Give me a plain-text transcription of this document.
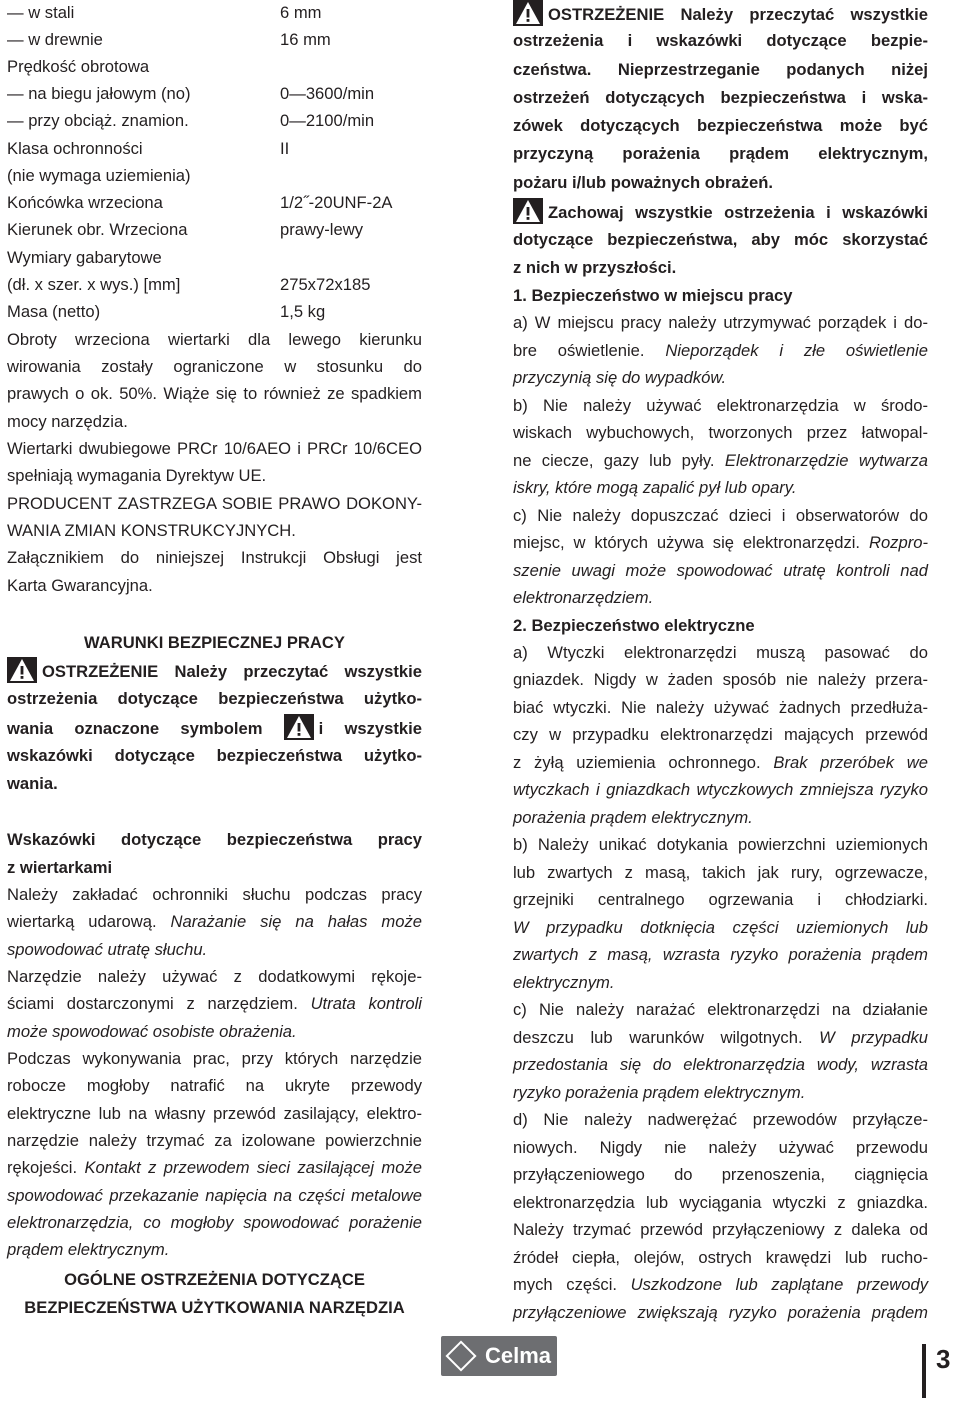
— w stali	6 mm
— w drewnie	16 mm
Prędkość obrotowa
— na biegu jałowym (no)	0—3600/min
— przy obciąż. znamion.	0—2100/min
Klasa ochronności	II
(nie wymaga uziemienia)
Końcówka wrzeciona	1/2˝-20UNF-2A
Kierunek obr. Wrzeciona	prawy-lewy
Wymiary gabarytowe
(dł. x szer. x wys.) [mm]	275x72x185
Masa (netto)	1,5 kg
Obroty wrzeciona wiertarki dla lewego kierunku
wirowania zostały ograniczone w stosunku do
prawych o ok. 50%. Wiąże się to również ze spadkiem
mocy narzędzia.
Wiertarki dwubiegowe PRCr 10/6AEO i PRCr 10/6CEO
spełniają wymagania Dyrektyw UE.
PRODUCENT ZASTRZEGA SOBIE PRAWO DOKONY-
WANIA ZMIAN KONSTRUKCYJNYCH.
Załącznikiem do niniejszej Instrukcji Obsługi jest
Karta Gwarancyjna.
WARUNKI BEZPIECZNEJ PRACY
OSTRZEŻENIE Należy przeczytać wszystkie
ostrzeżenia dotyczące bezpieczeństwa użytko-
wania oznaczone symbolem	i wszystkie
wskazówki dotyczące bezpieczeństwa użytko-
wania.
Wskazówki dotyczące bezpieczeństwa pracy
z wiertarkami
Należy zakładać ochronniki słuchu podczas pracy
wiertarką udarową. Narażanie się na hałas może
spowodować utratę słuchu.
Narzędzie należy używać z dodatkowymi rękoje-
ściami dostarczonymi z narzędziem. Utrata kontroli
może spowodować osobiste obrażenia.
Podczas wykonywania prac, przy których narzędzie
robocze mogłoby natrafić na ukryte przewody
elektryczne lub na własny przewód zasilający, elektro-
narzędzie należy trzymać za izolowane powierzchnie
rękojeści. Kontakt z przewodem sieci zasilającej może
spowodować przekazanie napięcia na części metalowe
elektronarzędzia, co mogłoby spowodować porażenie
prądem elektrycznym.
OGÓLNE OSTRZEŻENIA DOTYCZĄCE
BEZPIECZEŃSTWA UŻYTKOWANIA NARZĘDZIA
OSTRZEŻENIE Należy przeczytać wszystkie
ostrzeżenia i wskazówki dotyczące bezpie-
czeństwa. Nieprzestrzeganie podanych niżej
ostrzeżeń dotyczących bezpieczeństwa i wska-
zówek dotyczących bezpieczeństwa może być
przyczyną porażenia prądem elektrycznym,
pożaru i/lub poważnych obrażeń.
Zachowaj wszystkie ostrzeżenia i wskazówki
dotyczące bezpieczeństwa, aby móc skorzystać
z nich w przyszłości.
1. Bezpieczeństwo w miejscu pracy
a) W miejscu pracy należy utrzymywać porządek i do-
bre oświetlenie. Nieporządek i złe oświetlenie
przyczynią się do wypadków.
b) Nie należy używać elektronarzędzia w środo-
wiskach wybuchowych, tworzonych przez łatwopal-
ne ciecze, gazy lub pyły. Elektronarzędzie wytwarza
iskry, które mogą zapalić pył lub opary.
c) Nie należy dopuszczać dzieci i obserwatorów do
miejsc, w których używa się elektronarzędzi. Rozpro-
szenie uwagi może spowodować utratę kontroli nad
elektronarzędziem.
2. Bezpieczeństwo elektryczne
a) Wtyczki elektronarzędzi muszą pasować do
gniazdek. Nigdy w żaden sposób nie należy przera-
biać wtyczki. Nie należy używać żadnych przedłuża-
czy w przypadku elektronarzędzi mających przewód
z żyłą uziemienia ochronnego. Brak przeróbek we
wtyczkach i gniazdkach wtyczkowych zmniejsza ryzyko
porażenia prądem elektrycznym.
b) Należy unikać dotykania powierzchni uziemionych
lub zwartych z masą, takich jak rury, ogrzewacze,
grzejniki centralnego ogrzewania i chłodziarki.
W przypadku dotknięcia części uziemionych lub
zwartych z masą, wzrasta ryzyko porażenia prądem
elektrycznym.
c) Nie należy narażać elektronarzędzi na działanie
deszczu lub warunków wilgotnych. W przypadku
przedostania się do elektronarzędzia wody, wzrasta
ryzyko porażenia prądem elektrycznym.
d) Nie należy nadwerężać przewodów przyłącze-
niowych. Nigdy nie należy używać przewodu
przyłączeniowego do przenoszenia, ciągnięcia
elektronarzędzia lub wyciągania wtyczki z gniazdka.
Należy trzymać przewód przyłączeniowy z daleka od
źródeł ciepła, olejów, ostrych krawędzi lub rucho-
mych części. Uszkodzone lub zaplątane przewody
przyłączeniowe zwiększają ryzyko porażenia prądem
Celma	3
